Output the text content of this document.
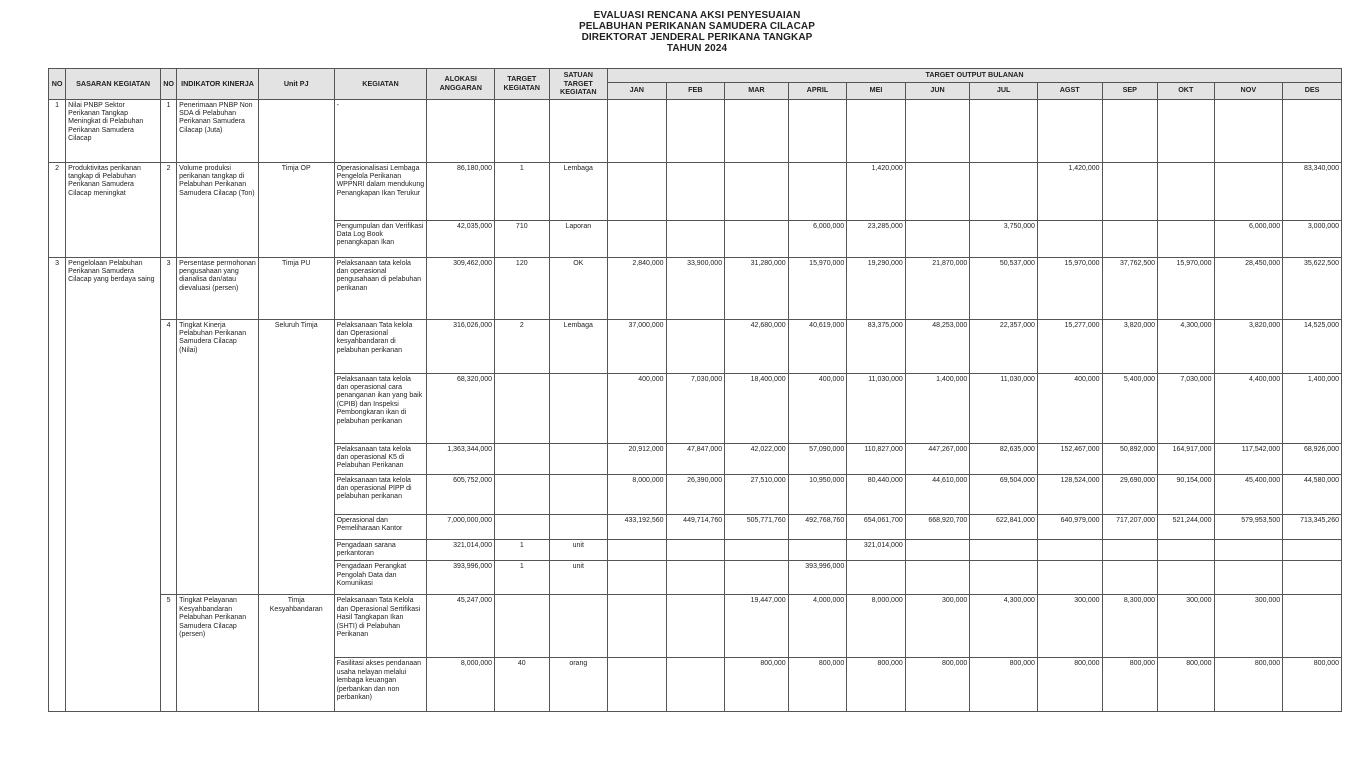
EVALUASI RENCANA AKSI PENYESUAIAN
PELABUHAN PERIKANAN SAMUDERA CILACAP
DIREKTORAT JENDERAL PERIKANA TANGKAP
TAHUN 2024
NO	SASARAN KEGIATAN	NO	INDIKATOR KINERJA	Unit PJ	KEGIATAN	ALOKASI ANGGARAN	TARGET KEGIATAN	SATUAN TARGET KEGIATAN	TARGET OUTPUT BULANAN											
									JAN	FEB	MAR	APRIL	MEI	JUN	JUL	AGST	SEP	OKT	NOV	DES
1	Nilai PNBP Sektor Perikanan Tangkap Meningkat di Pelabuhan Perikanan Samudera Cilacap	1	Penerimaan PNBP Non SDA di Pelabuhan Perikanan Samudera Cilacap (Juta)		-															
2	Produktivitas perikanan tangkap di Pelabuhan Perikanan Samudera Cilacap meningkat	2	Volume produksi perikanan tangkap di Pelabuhan Perikanan Samudera Cilacap (Ton)	Timja OP	Operasionalisasi Lembaga Pengelola Perikanan WPPNRI dalam mendukung Penangkapan Ikan Terukur	86,180,000	1	Lembaga					1,420,000			1,420,000				83,340,000
					Pengumpulan dan Verifikasi Data Log Book penangkapan Ikan	42,035,000	710	Laporan				6,000,000	23,285,000		3,750,000				6,000,000	3,000,000
3	Pengelolaan Pelabuhan Perikanan Samudera Cilacap yang berdaya saing	3	Persentase permohonan pengusahaan yang dianalisa dan/atau dievaluasi (persen)	Timja PU	Pelaksanaan tata kelola dan operasional pengusahaan di pelabuhan perikanan	309,462,000	120	OK	2,840,000	33,900,000	31,280,000	15,970,000	19,290,000	21,870,000	50,537,000	15,970,000	37,762,500	15,970,000	28,450,000	35,622,500
		4	Tingkat Kinerja Pelabuhan Perikanan Samudera Cilacap (Nilai)	Seluruh Timja	Pelaksanaan Tata kelola dan Operasional kesyahbandaran di pelabuhan perikanan	316,026,000	2	Lembaga	37,000,000		42,680,000	40,619,000	83,375,000	48,253,000	22,357,000	15,277,000	3,820,000	4,300,000	3,820,000	14,525,000
					Pelaksanaan tata kelola dan operasional cara penanganan ikan yang baik (CPIB) dan Inspeksi Pembongkaran ikan di pelabuhan perikanan	68,320,000			400,000	7,030,000	18,400,000	400,000	11,030,000	1,400,000	11,030,000	400,000	5,400,000	7,030,000	4,400,000	1,400,000
					Pelaksanaan tata kelola dan operasional K5 di Pelabuhan Perikanan	1,363,344,000			20,912,000	47,847,000	42,022,000	57,090,000	110,827,000	447,267,000	82,635,000	152,467,000	50,892,000	164,917,000	117,542,000	68,926,000
					Pelaksanaan tata kelola dan operasional PIPP di pelabuhan perikanan	605,752,000			8,000,000	26,390,000	27,510,000	10,950,000	80,440,000	44,610,000	69,504,000	128,524,000	29,690,000	90,154,000	45,400,000	44,580,000
					Operasional dan Pemeliharaan Kantor	7,000,000,000			433,192,560	449,714,760	505,771,760	492,768,760	654,061,700	668,920,700	622,841,000	640,979,000	717,207,000	521,244,000	579,953,500	713,345,260
					Pengadaan sarana perkantoran	321,014,000	1	unit					321,014,000							
					Pengadaan Perangkat Pengolah Data dan Komunikasi	393,996,000	1	unit				393,996,000								
		5	Tingkat Pelayanan Kesyahbandaran Pelabuhan Perikanan Samudera Cilacap (persen)	Timja Kesyahbandaran	Pelaksanaan Tata Kelola dan Operasional Sertifikasi Hasil Tangkapan Ikan (SHTI) di Pelabuhan Perikanan	45,247,000					19,447,000	4,000,000	8,000,000	300,000	4,300,000	300,000	8,300,000	300,000	300,000	
					Fasilitasi akses pendanaan usaha nelayan melalui lembaga keuangan (perbankan dan non perbankan)	8,000,000	40	orang			800,000	800,000	800,000	800,000	800,000	800,000	800,000	800,000	800,000	800,000
